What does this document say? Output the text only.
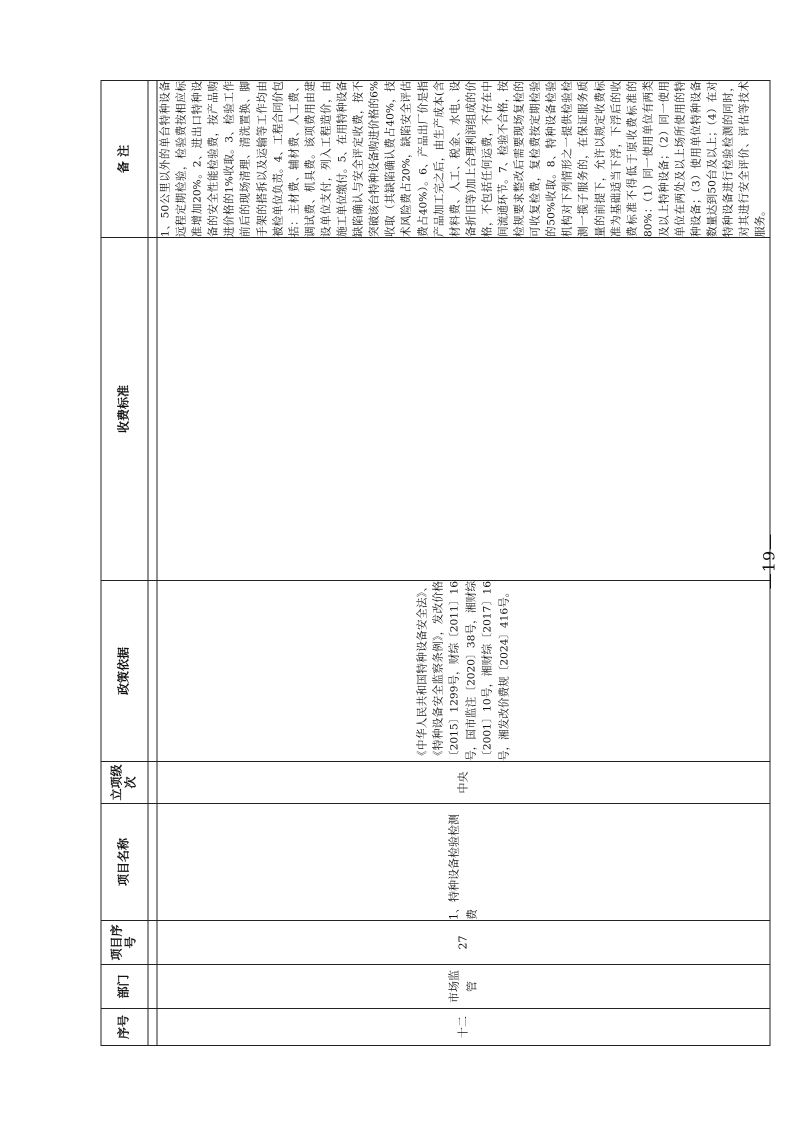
序号	部门	项目序号	项目名称	立项级次	政策依据	收费标准	备 注

十二	市场监管	27	1、特种设备检验检测费	中央	《中华人民共和国特种设备安全法》、《特种设备安全监察条例》，发改价格〔2015〕1299号，财综〔2011〕16号，国市监注〔2020〕38号，湘财综〔2001〕10号，湘财综〔2017〕16号，湘发改价费规〔2024〕416号。		1、50公里以外的单台特种设备远程定期检验，检验费按相应标准增加20%。2、进出口特种设备的安全性能检验费，按产品购进价格的1%收取。3、检验工作前后的现场清理、清洗置换、脚手架的搭拆以及运输等工作均由被检单位负责。4、工程合同价包括：主材费、辅材费、人工费、调试费、机具费。该项费用由建设单位支付，列入工程造价，由施工单位缴付。5、在用特种设备缺陷确认与安全评定收费，按不突破该台特种设备购进价格的6%收取（其缺陷确认费占40%，技术风险费占20%，缺陷安全评估费占40%）。6、产品出厂价是指产品加工完之后，由生产成本(含材料费、人工、税金、水电、设备折旧等)加上合理利润组成的价格，不包括任何运费，不存在中间流通环节。7、检验不合格，按检规要求整改后需要现场复检的可收复检费，复检费按定期检验的50%收取。8、特种设备检验机构对下列情形之一提供检验检测一揽子服务的，在保证服务质量的前提下，允许以规定收费标准为基础适当下浮，下浮后的收费标准不得低于原收费标准的80%：（1）同一使用单位有两类及以上特种设备；（2）同一使用单位在两处及以上场所使用的特种设备；（3）使用单位特种设备数量达到50台及以上；（4）在对特种设备进行检验检测的同时，对其进行安全评价、评估等技术服务。
—19—
